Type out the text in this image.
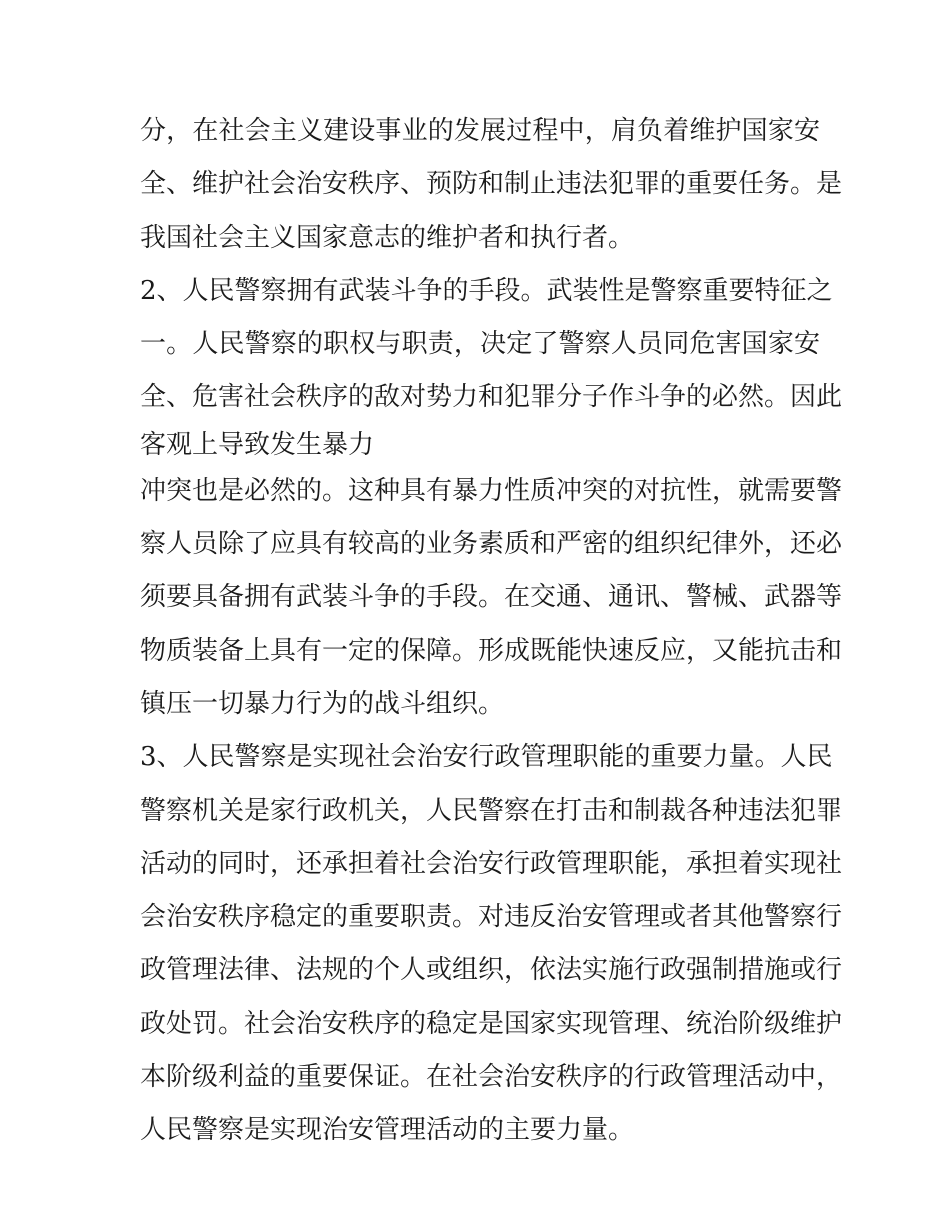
分，在社会主义建设事业的发展过程中，肩负着维护国家安
全、维护社会治安秩序、预防和制止违法犯罪的重要任务。是
我国社会主义国家意志的维护者和执行者。
2、人民警察拥有武装斗争的手段。武装性是警察重要特征之
一。人民警察的职权与职责，决定了警察人员同危害国家安
全、危害社会秩序的敌对势力和犯罪分子作斗争的必然。因此
客观上导致发生暴力
冲突也是必然的。这种具有暴力性质冲突的对抗性，就需要警
察人员除了应具有较高的业务素质和严密的组织纪律外，还必
须要具备拥有武装斗争的手段。在交通、通讯、警械、武器等
物质装备上具有一定的保障。形成既能快速反应，又能抗击和
镇压一切暴力行为的战斗组织。
3、人民警察是实现社会治安行政管理职能的重要力量。人民
警察机关是家行政机关，人民警察在打击和制裁各种违法犯罪
活动的同时，还承担着社会治安行政管理职能，承担着实现社
会治安秩序稳定的重要职责。对违反治安管理或者其他警察行
政管理法律、法规的个人或组织，依法实施行政强制措施或行
政处罚。社会治安秩序的稳定是国家实现管理、统治阶级维护
本阶级利益的重要保证。在社会治安秩序的行政管理活动中，
人民警察是实现治安管理活动的主要力量。
